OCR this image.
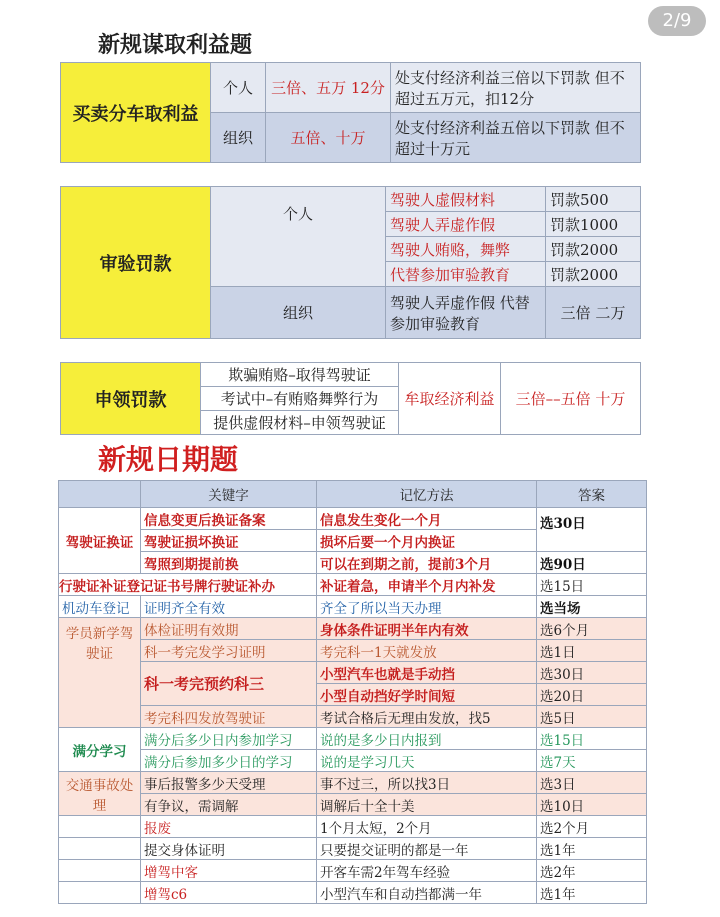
2/9
新规谋取利益题
买卖分车取利益	个人	三倍、五万 12分	处支付经济利益三倍以下罚款 但不超过五万元，扣12分
	组织	五倍、十万	处支付经济利益五倍以下罚款 但不超过十万元
审验罚款	个人	驾驶人虚假材料	罚款500
		驾驶人弄虚作假	罚款1000
		驾驶人贿赂，舞弊	罚款2000
		代替参加审验教育	罚款2000
	组织	驾驶人弄虚作假 代替参加审验教育	三倍 二万
申领罚款	欺骗贿赂–取得驾驶证	牟取经济利益	三倍––五倍 十万
考试中–有贿赂舞弊行为
提供虚假材料–申领驾驶证
新规日期题
	关键字	记忆方法	答案
驾驶证换证	信息变更后换证备案	信息发生变化一个月	选30日
	驾驶证损坏换证	损坏后要一个月内换证	
	驾照到期提前换	可以在到期之前，提前3个月	选90日
行驶证补证登记证书号牌行驶证补办		补证着急，申请半个月内补发	选15日
机动车登记	证明齐全有效	齐全了所以当天办理	选当场
学员新学驾驶证	体检证明有效期	身体条件证明半年内有效	选6个月
	科一考完发学习证明	考完科一1天就发放	选1日
	科一考完预约科三	小型汽车也就是手动挡	选30日
		小型自动挡好学时间短	选20日
	考完科四发放驾驶证	考试合格后无理由发放，找5	选5日
满分学习	满分后多少日内参加学习	说的是多少日内报到	选15日
	满分后参加多少日的学习	说的是学习几天	选7天
交通事故处理	事后报警多少天受理	事不过三，所以找3日	选3日
	有争议，需调解	调解后十全十美	选10日
	报废	1个月太短，2个月	选2个月
	提交身体证明	只要提交证明的都是一年	选1年
	增驾中客	开客车需2年驾车经验	选2年
	增驾c6	小型汽车和自动挡都满一年	选1年
